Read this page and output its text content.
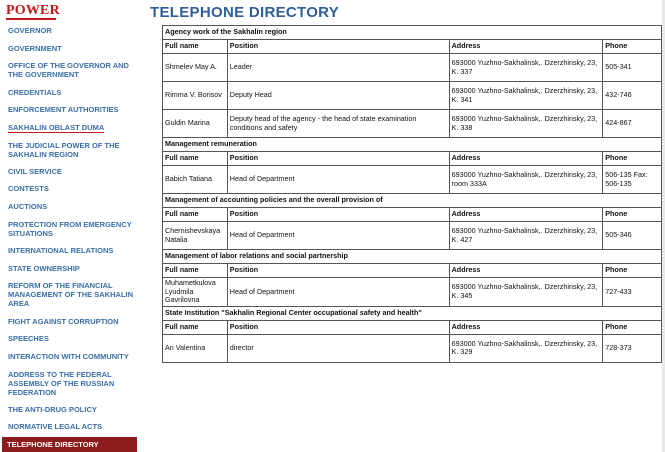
POWER
GOVERNOR
GOVERNMENT
OFFICE OF THE GOVERNOR AND THE GOVERNMENT
CREDENTIALS
ENFORCEMENT AUTHORITIES
SAKHALIN OBLAST DUMA
THE JUDICIAL POWER OF THE SAKHALIN REGION
CIVIL SERVICE
CONTESTS
AUCTIONS
PROTECTION FROM EMERGENCY SITUATIONS
INTERNATIONAL RELATIONS
STATE OWNERSHIP
REFORM OF THE FINANCIAL MANAGEMENT OF THE SAKHALIN AREA
FIGHT AGAINST CORRUPTION
SPEECHES
INTERACTION WITH COMMUNITY
ADDRESS TO THE FEDERAL ASSEMBLY OF THE RUSSIAN FEDERATION
THE ANTI-DRUG POLICY
NORMATIVE LEGAL ACTS
TELEPHONE DIRECTORY
TELEPHONE DIRECTORY
Agency work of the Sakhalin region			
Full name	Position	Address	Phone
Shmelev May A.	Leader	693000 Yuzhno-Sakhalinsk,. Dzerzhinsky, 23, K. 337	505-341
Rimma V. Borisov	Deputy Head	693000 Yuzhno-Sakhalinsk,. Dzerzhinsky, 23, K. 341	432-746
Guldin Marina	Deputy head of the agency - the head of state examination conditions and safety	693000 Yuzhno-Sakhalinsk,. Dzerzhinsky, 23, K. 338	424-867
Management remuneration			
Full name	Position	Address	Phone
Babich Tatiana	Head of Department	693000 Yuzhno-Sakhalinsk,. Dzerzhinsky, 23, room 333A	506-135 Fax: 506-135
Management of accounting policies and the overall provision of			
Full name	Position	Address	Phone
Chernishevskaya Natalia	Head of Department	693000 Yuzhno-Sakhalinsk,. Dzerzhinsky, 23, K. 427	505-346
Management of labor relations and social partnership			
Full name	Position	Address	Phone
Muhametkulova Lyudmila Gavrilovna	Head of Department	693000 Yuzhno-Sakhalinsk,. Dzerzhinsky, 23, K. 345	727-433
State Institution "Sakhalin Regional Center occupational safety and health"			
Full name	Position	Address	Phone
An Valentina	director	693000 Yuzhno-Sakhalinsk,. Dzerzhinsky, 23, K. 329	728-373
